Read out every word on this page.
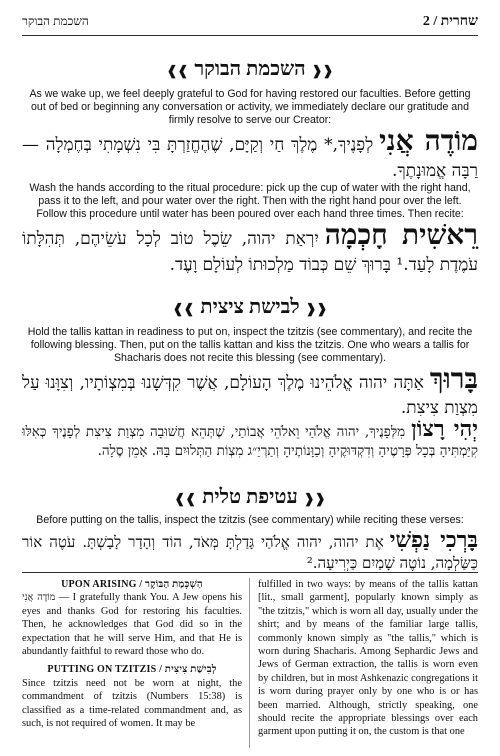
השכמת הבוקר	2 / שחרית
❰❰השכמת הבוקר❱❱
As we wake up, we feel deeply grateful to God for having restored our faculties. Before getting out of bed or beginning any conversation or activity, we immediately declare our gratitude and firmly resolve to serve our Creator:
מוֹדֶה אֲנִילְפָנֶיךָ,* מֶלֶךְ חַי וְקַיָּם, שֶׁהֶחֱזַרְתָּ בִּי נִשְׁמָתִי בְּחֶמְלָה — רַבָּה אֱמוּנָתֶךָ.
Wash the hands according to the ritual procedure: pick up the cup of water with the right hand, pass it to the left, and pour water over the right. Then with the right hand pour over the left. Follow this procedure until water has been poured over each hand three times. Then recite:
רֵאשִׁית חָכְמָהיִרְאַת יהוה, שֵׂכֶל טוֹב לְכָל עֹשֵׂיהֶם, תְּהִלָּתוֹ עֹמֶדֶת לָעַד.¹ בָּרוּךְ שֵׁם כְּבוֹד מַלְכוּתוֹ לְעוֹלָם וָעֶד.
❰❰לבישת ציצית❱❱
Hold the tallis kattan in readiness to put on, inspect the tzitzis (see commentary), and recite the following blessing. Then, put on the tallis kattan and kiss the tzitzis. One who wears a tallis for Shacharis does not recite this blessing (see commentary).
בָּרוּךְאַתָּה יהוה אֱלֹהֵינוּ מֶלֶךְ הָעוֹלָם, אֲשֶׁר קִדְּשָׁנוּ בְּמִצְוֹתָיו, וְצִוָּנוּ עַל מִצְוַת צִיצִת.
יְהִי רָצוֹןמִלְּפָנֶיךָ, יהוה אֱלֹהַי וֵאלֹהֵי אֲבוֹתַי, שֶׁתְּהֵא חֲשׁוּבָה מִצְוַת צִיצִת לְפָנֶיךָ כְּאִלּוּ קִיַּמְתִּיהָ בְּכָל פְּרָטֶיהָ וְדִקְדּוּקֶיהָ וְכַוָּנוֹתֶיהָ וְתַרְיַ״ג מִצְוֹת הַתְּלוּיִם בָּהּ. אָמֵן סֶלָה.
❰❰עטיפת טלית❱❱
Before putting on the tallis, inspect the tzitzis (see commentary) while reciting these verses:
בָּרְכִי נַפְשִׁיאֶת יהוה, יהוה אֱלֹהַי גָּדַלְתָּ מְּאֹד, הוֹד וְהָדָר לָבָשְׁתָּ. עֹטֶה אוֹר כַּשַּׂלְמָה, נוֹטֶה שָׁמַיִם כַּיְרִיעָה.²
UPON ARISING / הַשְׁכָּמַת הַבּוֹקֶר

מוֹדֶה אֲנִי — I gratefully thank You. A Jew opens his eyes and thanks God for restoring his faculties. Then, he acknowledges that God did so in the expectation that he will serve Him, and that He is abundantly faithful to reward those who do.

PUTTING ON TZITZIS / לְבִישַׁת צִיצִית

Since tzitzis need not be worn at night, the commandment of tzitzis (Numbers 15:38) is classified as a time-related commandment and, as such, is not required of women. It may be

fulfilled in two ways: by means of the tallis kattan [lit., small garment], popularly known simply as "the tzitzis," which is worn all day, usually under the shirt; and by means of the familiar large tallis, commonly known simply as "the tallis," which is worn during Shacharis. Among Sephardic Jews and Jews of German extraction, the tallis is worn even by children, but in most Ashkenazic congregations it is worn during prayer only by one who is or has been married. Although, strictly speaking, one should recite the appropriate blessings over each garment upon putting it on, the custom is that one
